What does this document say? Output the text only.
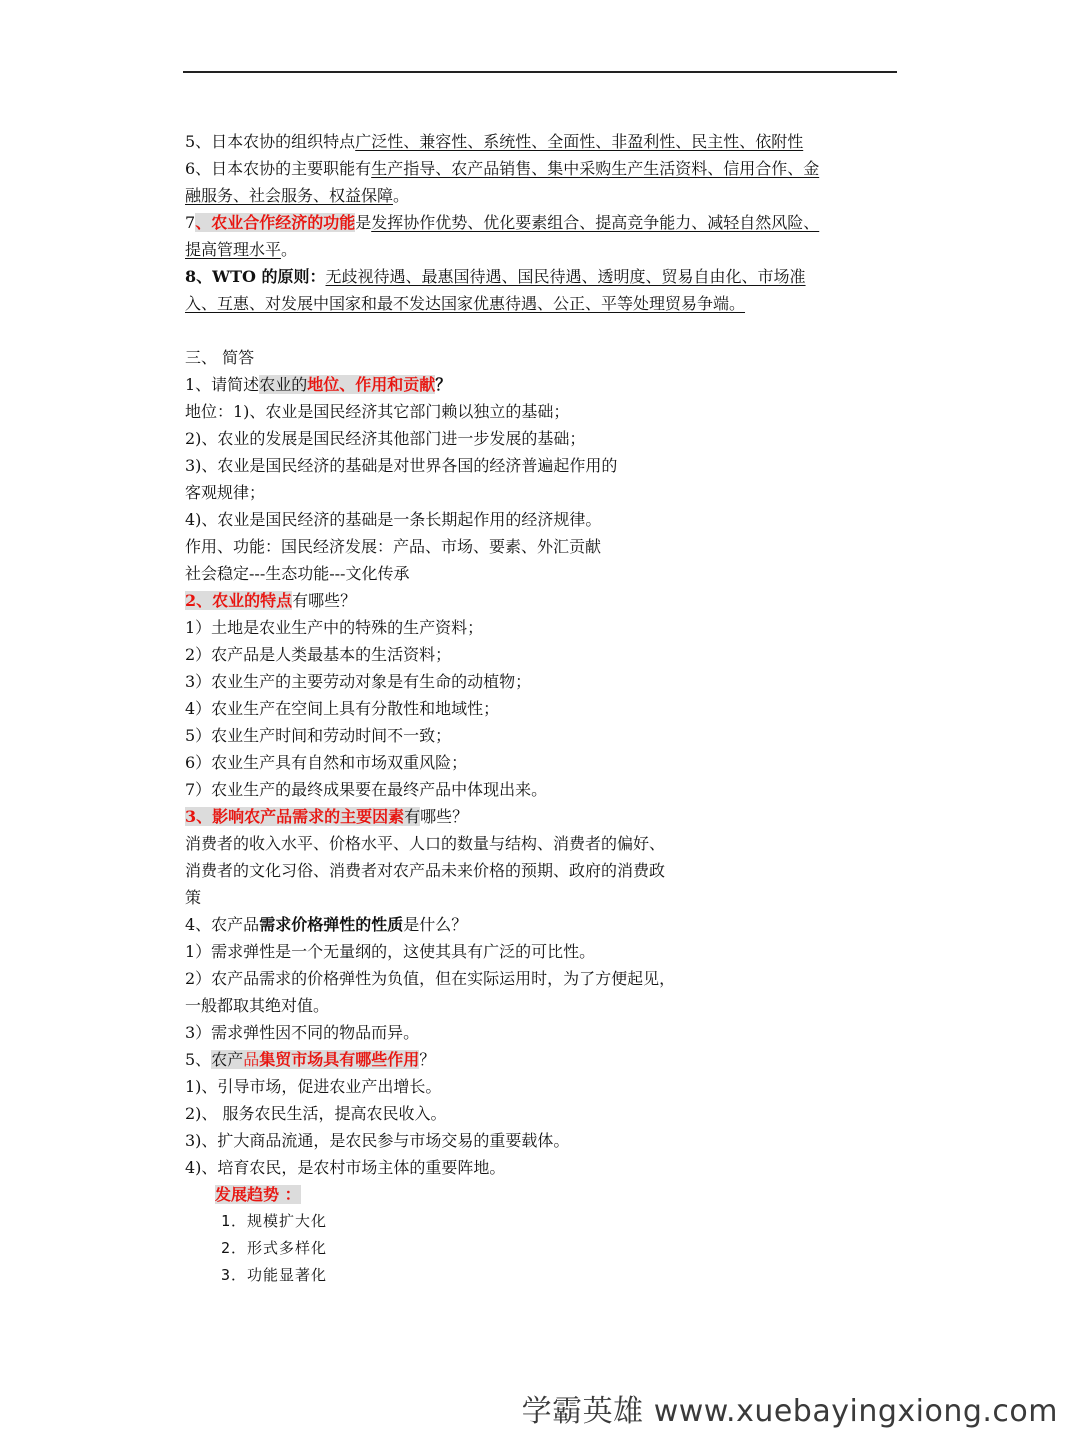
5、日本农协的组织特点广泛性、兼容性、系统性、全面性、非盈利性、民主性、依附性
6、日本农协的主要职能有生产指导、农产品销售、集中采购生产生活资料、信用合作、金
融服务、社会服务、权益保障。
7、农业合作经济的功能是发挥协作优势、优化要素组合、提高竞争能力、减轻自然风险、
提高管理水平。
8、WTO 的原则：无歧视待遇、最惠国待遇、国民待遇、透明度、贸易自由化、市场准
入、互惠、对发展中国家和最不发达国家优惠待遇、公正、平等处理贸易争端。
三、 简答
1、请简述农业的地位、作用和贡献？
地位：1)、农业是国民经济其它部门赖以独立的基础；
2)、农业的发展是国民经济其他部门进一步发展的基础；
3)、农业是国民经济的基础是对世界各国的经济普遍起作用的
客观规律；
4)、农业是国民经济的基础是一条长期起作用的经济规律。
作用、功能：国民经济发展：产品、市场、要素、外汇贡献
社会稳定---生态功能---文化传承
2、农业的特点有哪些？
1）土地是农业生产中的特殊的生产资料；
2）农产品是人类最基本的生活资料；
3）农业生产的主要劳动对象是有生命的动植物；
4）农业生产在空间上具有分散性和地域性；
5）农业生产时间和劳动时间不一致；
6）农业生产具有自然和市场双重风险；
7）农业生产的最终成果要在最终产品中体现出来。
3、影响农产品需求的主要因素有哪些？
消费者的收入水平、价格水平、人口的数量与结构、消费者的偏好、
消费者的文化习俗、消费者对农产品未来价格的预期、政府的消费政
策
4、农产品需求价格弹性的性质是什么？
1）需求弹性是一个无量纲的，这使其具有广泛的可比性。
2）农产品需求的价格弹性为负值，但在实际运用时，为了方便起见，
一般都取其绝对值。
3）需求弹性因不同的物品而异。
5、农产品集贸市场具有哪些作用？
1)、引导市场，促进农业产出增长。
2)、 服务农民生活，提高农民收入。
3)、扩大商品流通，是农民参与市场交易的重要载体。
4)、培育农民，是农村市场主体的重要阵地。
发展趋势 ：
1．规模扩大化
2．形式多样化
3．功能显著化
学霸英雄 www.xuebayingxiong.com
